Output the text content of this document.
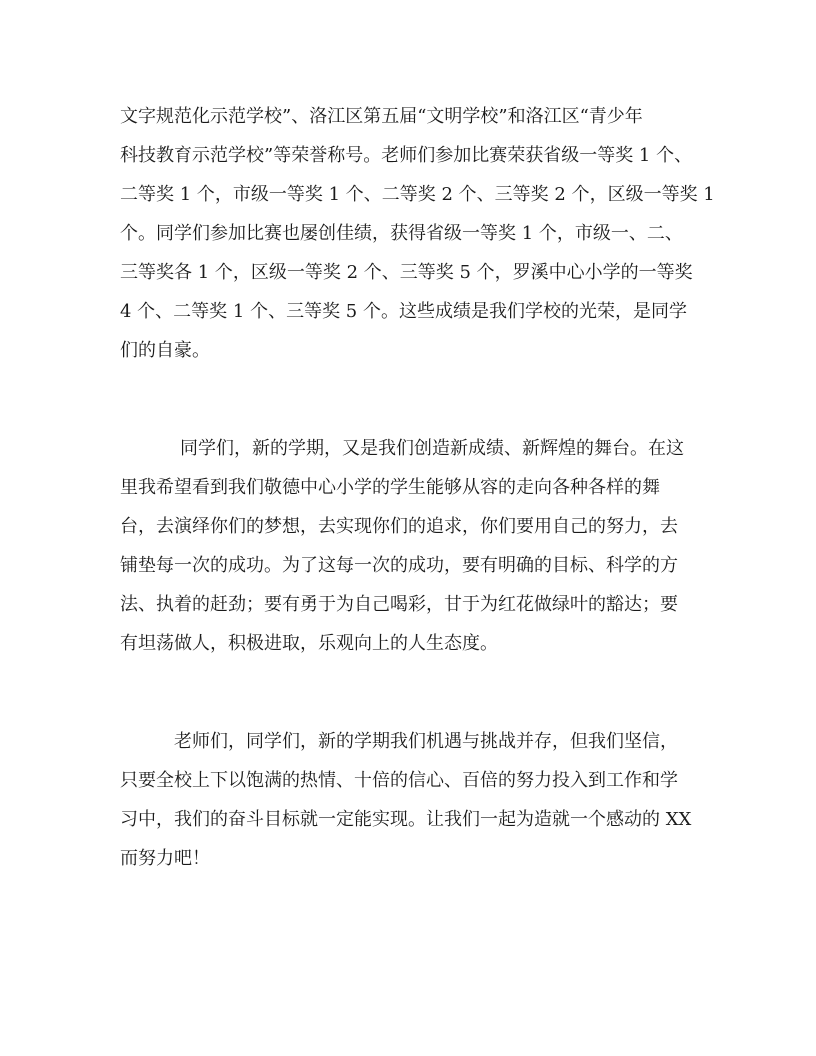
文字规范化示范学校”、洛江区第五届“文明学校”和洛江区“青少年
科技教育示范学校”等荣誉称号。老师们参加比赛荣获省级一等奖 1 个、
二等奖 1 个，市级一等奖 1 个、二等奖 2 个、三等奖 2 个，区级一等奖 1
个。同学们参加比赛也屡创佳绩，获得省级一等奖 1 个，市级一、二、
三等奖各 1 个，区级一等奖 2 个、三等奖 5 个，罗溪中心小学的一等奖
4 个、二等奖 1 个、三等奖 5 个。这些成绩是我们学校的光荣，是同学
们的自豪。
同学们，新的学期，又是我们创造新成绩、新辉煌的舞台。在这
里我希望看到我们敬德中心小学的学生能够从容的走向各种各样的舞
台，去演绎你们的梦想，去实现你们的追求，你们要用自己的努力，去
铺垫每一次的成功。为了这每一次的成功，要有明确的目标、科学的方
法、执着的赶劲；要有勇于为自己喝彩，甘于为红花做绿叶的豁达；要
有坦荡做人，积极进取，乐观向上的人生态度。
老师们，同学们，新的学期我们机遇与挑战并存，但我们坚信，
只要全校上下以饱满的热情、十倍的信心、百倍的努力投入到工作和学
习中，我们的奋斗目标就一定能实现。让我们一起为造就一个感动的 XX
而努力吧！
